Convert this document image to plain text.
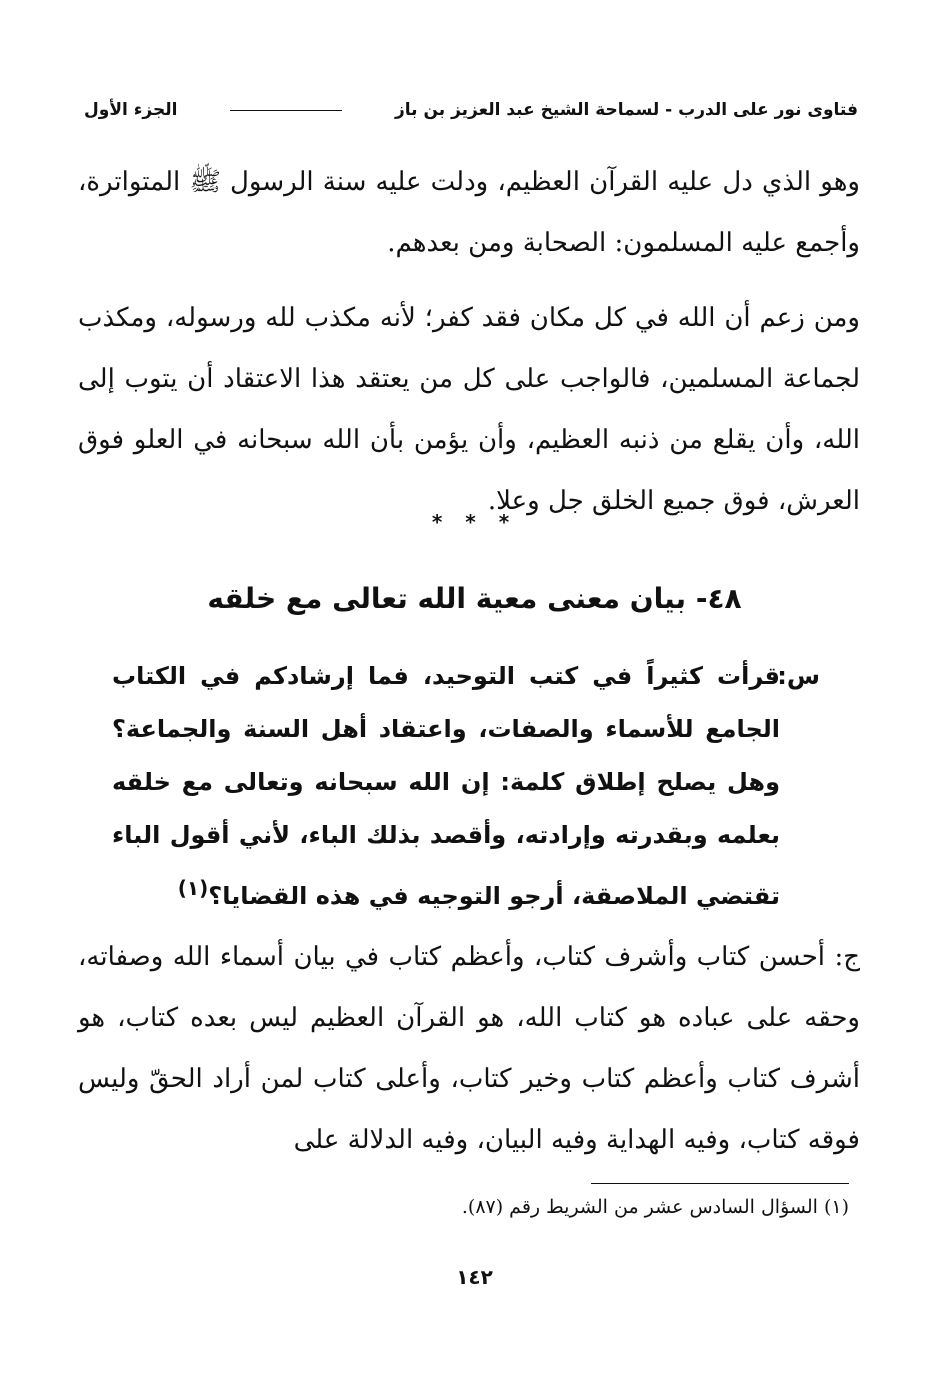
فتاوى نور على الدرب - لسماحة الشيخ عبد العزيز بن باز
الجزء الأول
وهو الذي دل عليه القرآن العظيم، ودلت عليه سنة الرسول ﷺ المتواترة، وأجمع عليه المسلمون: الصحابة ومن بعدهم.
ومن زعم أن الله في كل مكان فقد كفر؛ لأنه مكذب لله ورسوله، ومكذب لجماعة المسلمين، فالواجب على كل من يعتقد هذا الاعتقاد أن يتوب إلى الله، وأن يقلع من ذنبه العظيم، وأن يؤمن بأن الله سبحانه في العلو فوق العرش، فوق جميع الخلق جل وعلا.
* * *
٤٨- بيان معنى معية الله تعالى مع خلقه
س:
قرأت كثيراً في كتب التوحيد، فما إرشادكم في الكتاب الجامع للأسماء والصفات، واعتقاد أهل السنة والجماعة؟ وهل يصلح إطلاق كلمة: إن الله سبحانه وتعالى مع خلقه بعلمه وبقدرته وإرادته، وأقصد بذلك الباء، لأني أقول الباء تقتضي الملاصقة، أرجو التوجيه في هذه القضايا؟$^{(١)}$
ج: أحسن كتاب وأشرف كتاب، وأعظم كتاب في بيان أسماء الله وصفاته، وحقه على عباده هو كتاب الله، هو القرآن العظيم ليس بعده كتاب، هو أشرف كتاب وأعظم كتاب وخير كتاب، وأعلى كتاب لمن أراد الحقّ وليس فوقه كتاب، وفيه الهداية وفيه البيان، وفيه الدلالة على
(١) السؤال السادس عشر من الشريط رقم (٨٧).
١٤٢
